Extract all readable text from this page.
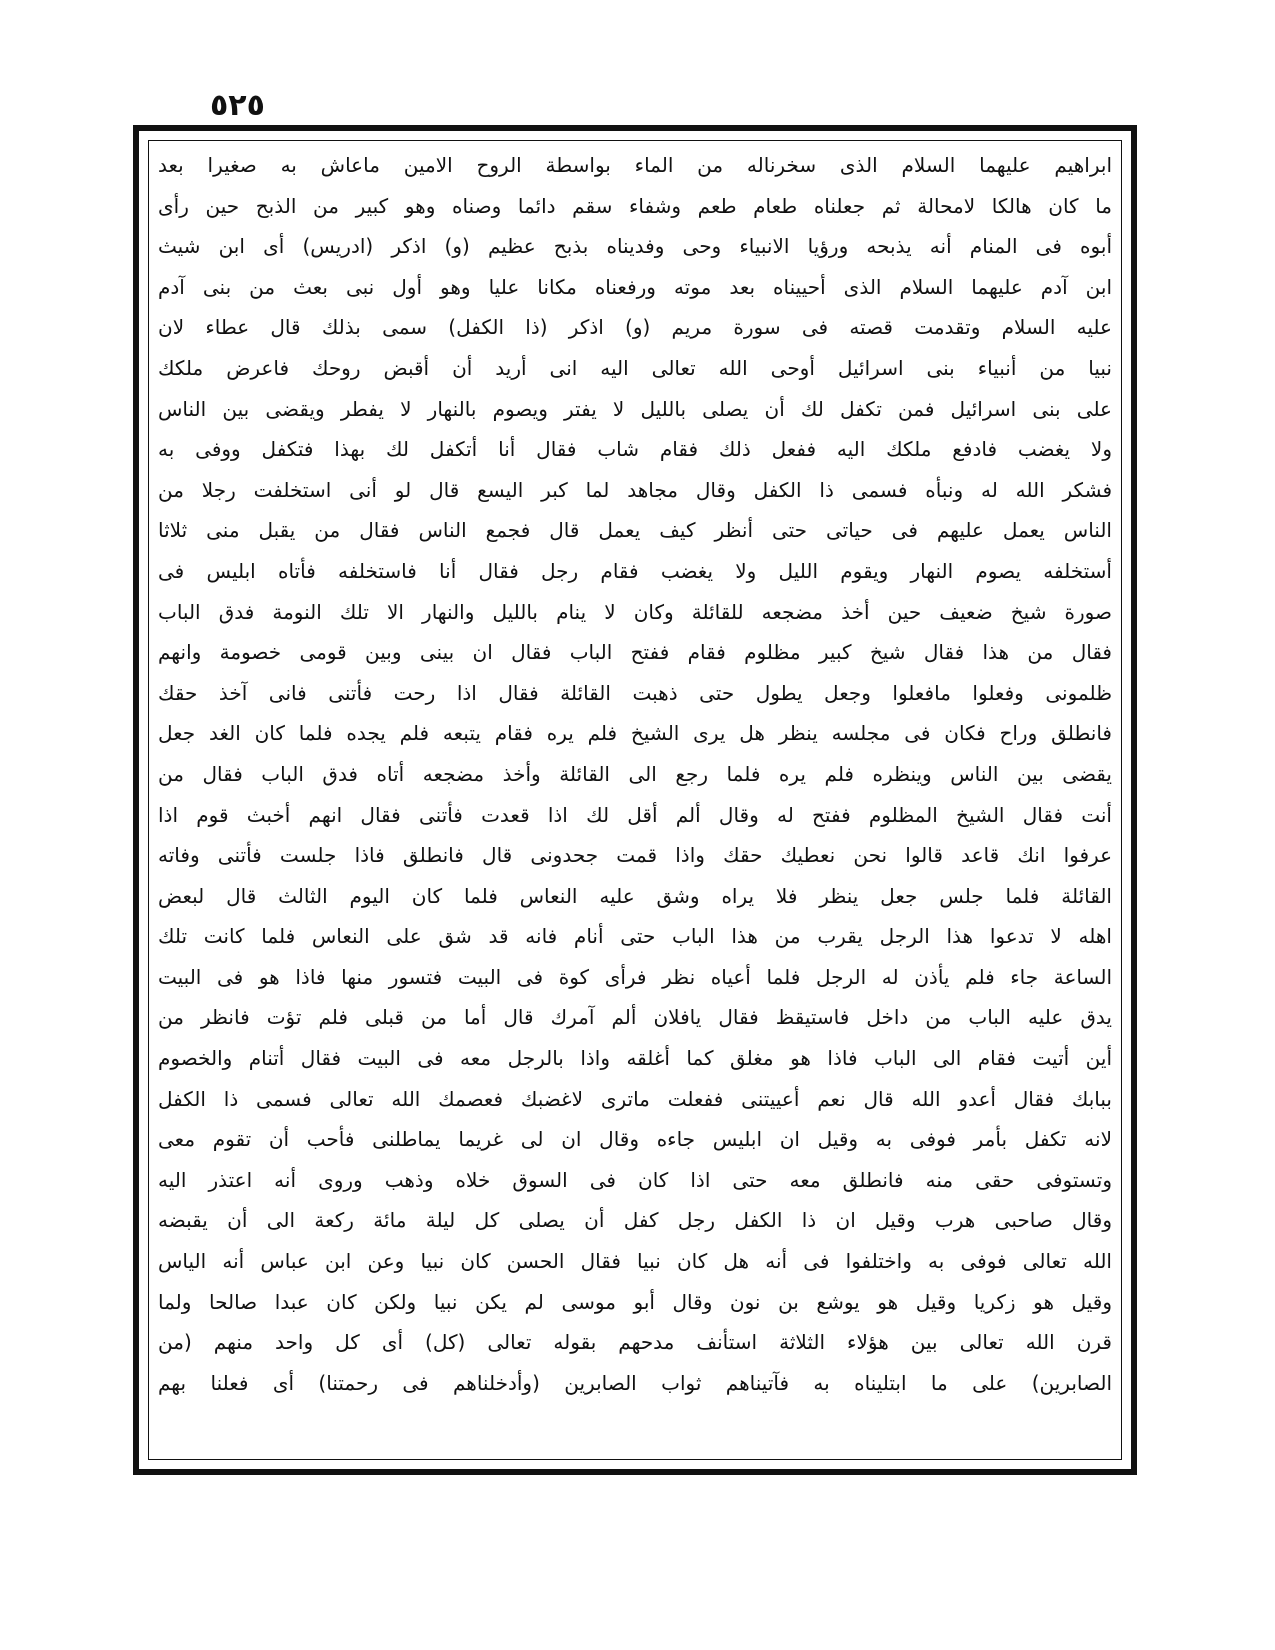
٥٢٥
ابراهيم عليهما السلام الذى سخرناله من الماء بواسطة الروح الامين ماعاش به صغيرا بعد
ما كان هالكا لامحالة ثم جعلناه طعام طعم وشفاء سقم دائما وصناه وهو كبير من الذبح حين رأى
أبوه فى المنام أنه يذبحه ورؤيا الانبياء وحى وفديناه بذبح عظيم (و) اذكر (ادريس) أى ابن شيث
ابن آدم عليهما السلام الذى أحييناه بعد موته ورفعناه مكانا عليا وهو أول نبى بعث من بنى آدم
عليه السلام وتقدمت قصته فى سورة مريم (و) اذكر (ذا الكفل) سمى بذلك قال عطاء لان
نبيا من أنبياء بنى اسرائيل أوحى الله تعالى اليه انى أريد أن أقبض روحك فاعرض ملكك
على بنى اسرائيل فمن تكفل لك أن يصلى بالليل لا يفتر ويصوم بالنهار لا يفطر ويقضى بين الناس
ولا يغضب فادفع ملكك اليه ففعل ذلك فقام شاب فقال أنا أتكفل لك بهذا فتكفل ووفى به
فشكر الله له ونبأه فسمى ذا الكفل وقال مجاهد لما كبر اليسع قال لو أنى استخلفت رجلا من
الناس يعمل عليهم فى حياتى حتى أنظر كيف يعمل قال فجمع الناس فقال من يقبل منى ثلاثا
أستخلفه يصوم النهار ويقوم الليل ولا يغضب فقام رجل فقال أنا فاستخلفه فأتاه ابليس فى
صورة شيخ ضعيف حين أخذ مضجعه للقائلة وكان لا ينام بالليل والنهار الا تلك النومة فدق الباب
فقال من هذا فقال شيخ كبير مظلوم فقام ففتح الباب فقال ان بينى وبين قومى خصومة وانهم
ظلمونى وفعلوا مافعلوا وجعل يطول حتى ذهبت القائلة فقال اذا رحت فأتنى فانى آخذ حقك
فانطلق وراح فكان فى مجلسه ينظر هل يرى الشيخ فلم يره فقام يتبعه فلم يجده فلما كان الغد جعل
يقضى بين الناس وينظره فلم يره فلما رجع الى القائلة وأخذ مضجعه أتاه فدق الباب فقال من
أنت فقال الشيخ المظلوم ففتح له وقال ألم أقل لك اذا قعدت فأتنى فقال انهم أخبث قوم اذا
عرفوا انك قاعد قالوا نحن نعطيك حقك واذا قمت جحدونى قال فانطلق فاذا جلست فأتنى وفاته
القائلة فلما جلس جعل ينظر فلا يراه وشق عليه النعاس فلما كان اليوم الثالث قال لبعض
اهله لا تدعوا هذا الرجل يقرب من هذا الباب حتى أنام فانه قد شق على النعاس فلما كانت تلك
الساعة جاء فلم يأذن له الرجل فلما أعياه نظر فرأى كوة فى البيت فتسور منها فاذا هو فى البيت
يدق عليه الباب من داخل فاستيقظ فقال يافلان ألم آمرك قال أما من قبلى فلم تؤت فانظر من
أين أتيت فقام الى الباب فاذا هو مغلق كما أغلقه واذا بالرجل معه فى البيت فقال أتنام والخصوم
ببابك فقال أعدو الله قال نعم أعييتنى ففعلت ماترى لاغضبك فعصمك الله تعالى فسمى ذا الكفل
لانه تكفل بأمر فوفى به وقيل ان ابليس جاءه وقال ان لى غريما يماطلنى فأحب أن تقوم معى
وتستوفى حقى منه فانطلق معه حتى اذا كان فى السوق خلاه وذهب وروى أنه اعتذر اليه
وقال صاحبى هرب وقيل ان ذا الكفل رجل كفل أن يصلى كل ليلة مائة ركعة الى أن يقبضه
الله تعالى فوفى به واختلفوا فى أنه هل كان نبيا فقال الحسن كان نبيا وعن ابن عباس أنه الياس
وقيل هو زكريا وقيل هو يوشع بن نون وقال أبو موسى لم يكن نبيا ولكن كان عبدا صالحا ولما
قرن الله تعالى بين هؤلاء الثلاثة استأنف مدحهم بقوله تعالى (كل) أى كل واحد منهم (من
الصابرين) على ما ابتليناه به فآتيناهم ثواب الصابرين (وأدخلناهم فى رحمتنا) أى فعلنا بهم
